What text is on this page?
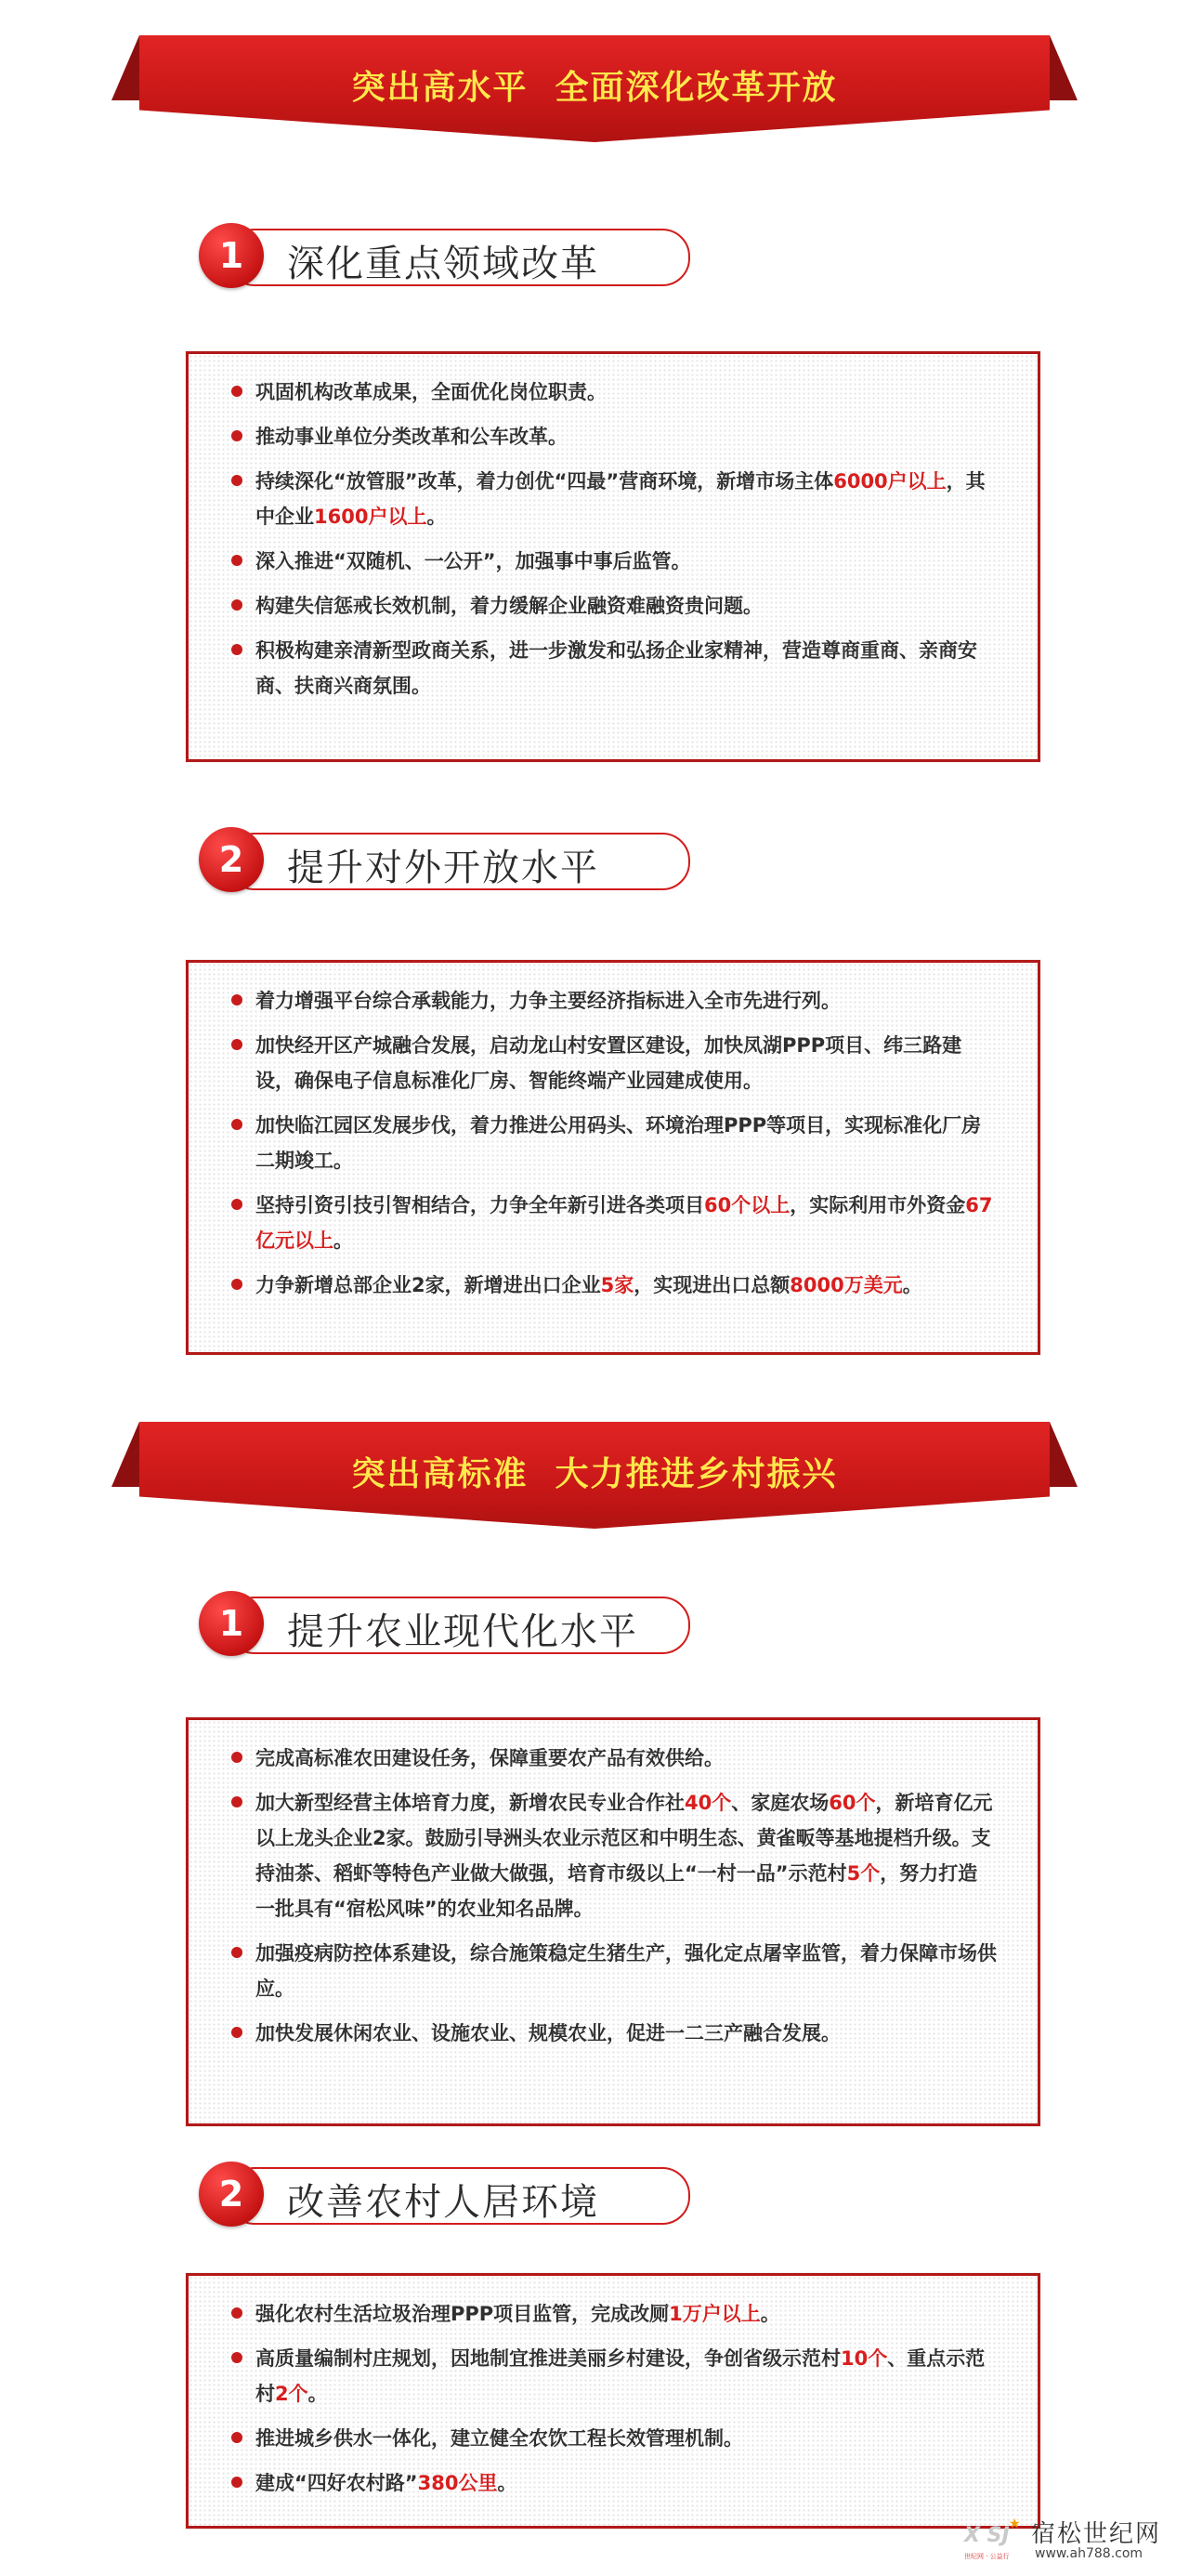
突出高水平  全面深化改革开放
1	深化重点领域改革
巩固机构改革成果，全面优化岗位职责。
推动事业单位分类改革和公车改革。
持续深化“放管服”改革，着力创优“四最”营商环境，新增市场主体6000户以上，其中企业1600户以上。
深入推进“双随机、一公开”，加强事中事后监管。
构建失信惩戒长效机制，着力缓解企业融资难融资贵问题。
积极构建亲清新型政商关系，进一步激发和弘扬企业家精神，营造尊商重商、亲商安商、扶商兴商氛围。
2	提升对外开放水平
着力增强平台综合承载能力，力争主要经济指标进入全市先进行列。
加快经开区产城融合发展，启动龙山村安置区建设，加快凤湖PPP项目、纬三路建设，确保电子信息标准化厂房、智能终端产业园建成使用。
加快临江园区发展步伐，着力推进公用码头、环境治理PPP等项目，实现标准化厂房二期竣工。
坚持引资引技引智相结合，力争全年新引进各类项目60个以上，实际利用市外资金67亿元以上。
力争新增总部企业2家，新增进出口企业5家，实现进出口总额8000万美元。
突出高标准  大力推进乡村振兴
1	提升农业现代化水平
完成高标准农田建设任务，保障重要农产品有效供给。
加大新型经营主体培育力度，新增农民专业合作社40个、家庭农场60个，新培育亿元以上龙头企业2家。鼓励引导洲头农业示范区和中明生态、黄雀畈等基地提档升级。支持油茶、稻虾等特色产业做大做强，培育市级以上“一村一品”示范村5个，努力打造一批具有“宿松风味”的农业知名品牌。
加强疫病防控体系建设，综合施策稳定生猪生产，强化定点屠宰监管，着力保障市场供应。
加快发展休闲农业、设施农业、规模农业，促进一二三产融合发展。
2	改善农村人居环境
强化农村生活垃圾治理PPP项目监管，完成改厕1万户以上。
高质量编制村庄规划，因地制宜推进美丽乡村建设，争创省级示范村10个、重点示范村2个。
推进城乡供水一体化，建立健全农饮工程长效管理机制。
建成“四好农村路”380公里。
X SJ ★
世纪网 · 公益行
宿松世纪网
www.ah788.com
